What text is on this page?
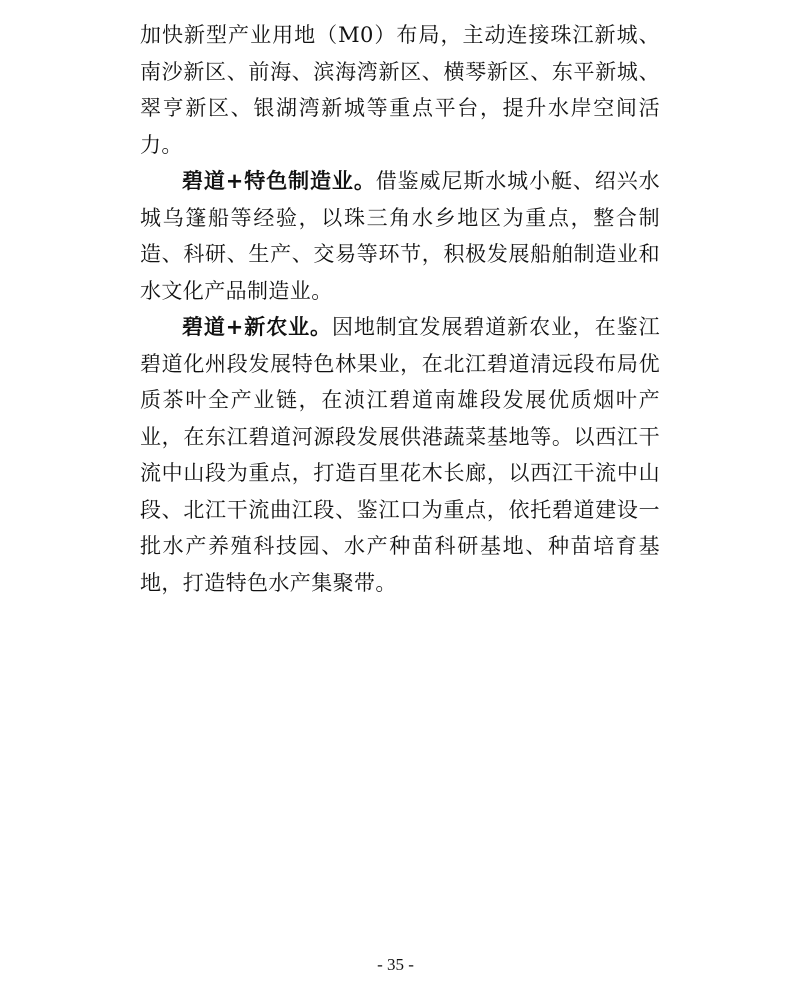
加快新型产业用地（M0）布局，主动连接珠江新城、南沙新区、前海、滨海湾新区、横琴新区、东平新城、翠亨新区、银湖湾新城等重点平台，提升水岸空间活力。

碧道+特色制造业。借鉴威尼斯水城小艇、绍兴水城乌篷船等经验，以珠三角水乡地区为重点，整合制造、科研、生产、交易等环节，积极发展船舶制造业和水文化产品制造业。

碧道+新农业。因地制宜发展碧道新农业，在鉴江碧道化州段发展特色林果业，在北江碧道清远段布局优质茶叶全产业链，在浈江碧道南雄段发展优质烟叶产业，在东江碧道河源段发展供港蔬菜基地等。以西江干流中山段为重点，打造百里花木长廊，以西江干流中山段、北江干流曲江段、鉴江口为重点，依托碧道建设一批水产养殖科技园、水产种苗科研基地、种苗培育基地，打造特色水产集聚带。

- 35 -
